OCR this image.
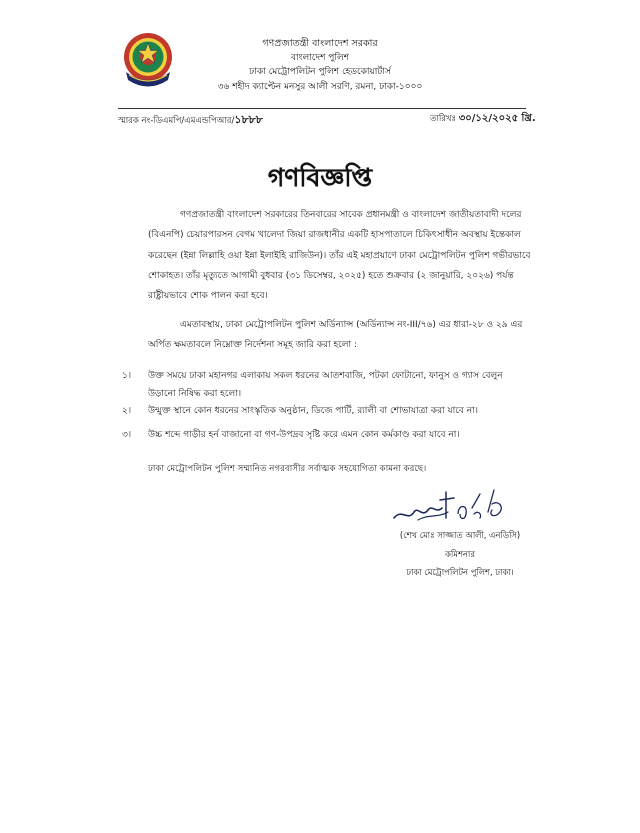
গণপ্রজাতন্ত্রী বাংলাদেশ সরকার
বাংলাদেশ পুলিশ
ঢাকা মেট্রোপলিটন পুলিশ হেডকোয়ার্টার্স
৩৬ শহীদ ক্যাপ্টেন মনসুর আলী সরণি, রমনা, ঢাকা-১০০০
স্মারক নং-ডিএমপি/এমএন্ডপিআর/১৮৮৮	তারিখঃ ৩০/১২/২০২৫ খ্রি.
গণবিজ্ঞপ্তি
গণপ্রজাতন্ত্রী বাংলাদেশ সরকারের তিনবারের সাবেক প্রধানমন্ত্রী ও বাংলাদেশ জাতীয়তাবাদী দলের
(বিএনপি) চেয়ারপারসন বেগম খালেদা জিয়া রাজধানীর একটি হাসপাতালে চিকিৎসাধীন অবস্থায় ইন্তেকাল
করেছেন (ইন্না লিল্লাহি ওয়া ইন্না ইলাইহি রাজিউন)। তাঁর এই মহাপ্রয়াণে ঢাকা মেট্রোপলিটন পুলিশ গভীরভাবে
শোকাহত। তাঁর মৃত্যুতে আগামী বুধবার (৩১ ডিসেম্বর, ২০২৫) হতে শুক্রবার (২ জানুয়ারি, ২০২৬) পর্যন্ত
রাষ্ট্রীয়ভাবে শোক পালন করা হবে।
এমতাবস্থায়, ঢাকা মেট্রোপলিটন পুলিশ অর্ডিন্যান্স (অর্ডিন্যান্স নং-III/৭৬) এর ধারা-২৮ ও ২৯ এর
অর্পিত ক্ষমতাবলে নিম্নোক্ত নির্দেশনা সমূহ জারি করা হলো :
১। উক্ত সময়ে ঢাকা মহানগর এলাকায় সকল ধরনের আতশবাজি, পটকা ফোটানো, ফানুস ও গ্যাস বেলুন
উড়ানো নিষিদ্ধ করা হলো।
২। উন্মুক্ত স্থানে কোন ধরনের সাংস্কৃতিক অনুষ্ঠান, ডিজে পার্টি, র‍্যালী বা শোভাযাত্রা করা যাবে না।
৩। উচ্চ শব্দে গাড়ীর হর্ন বাজানো বা গণ-উপদ্রব সৃষ্টি করে এমন কোন কর্মকাণ্ড করা যাবে না।
ঢাকা মেট্রোপলিটন পুলিশ সম্মানিত নগরবাসীর সর্বাত্মক সহযোগিতা কামনা করছে।
(শেখ মোঃ সাজ্জাত আলী, এনডিসি)
কমিশনার
ঢাকা মেট্রোপলিটন পুলিশ, ঢাকা।
